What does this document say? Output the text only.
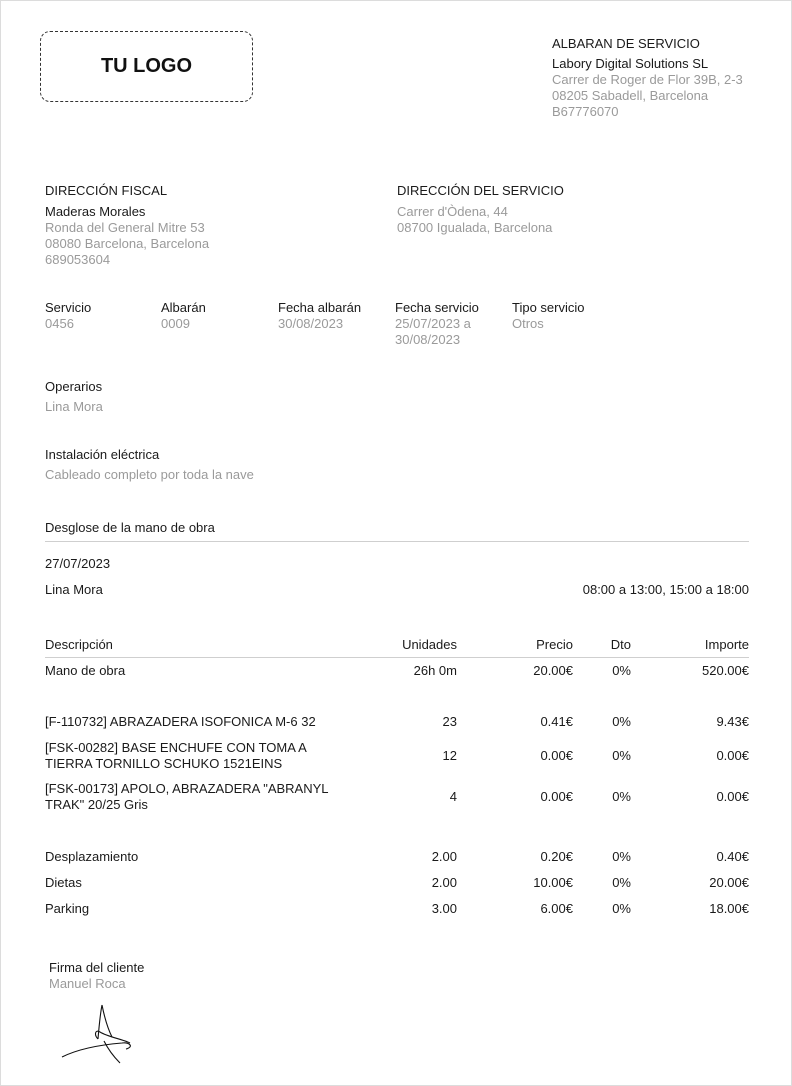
TU LOGO
ALBARAN DE SERVICIO
Labory Digital Solutions SL
Carrer de Roger de Flor 39B, 2-3
08205 Sabadell, Barcelona
B67776070
DIRECCIÓN FISCAL
Maderas Morales
Ronda del General Mitre 53
08080 Barcelona, Barcelona
689053604
DIRECCIÓN DEL SERVICIO
Carrer d'Òdena, 44
08700 Igualada, Barcelona
Servicio
0456
Albarán
0009
Fecha albarán
30/08/2023
Fecha servicio
25/07/2023 a
30/08/2023
Tipo servicio
Otros
Operarios
Lina Mora
Instalación eléctrica
Cableado completo por toda la nave
Desglose de la mano de obra
27/07/2023
Lina Mora	08:00 a 13:00, 15:00 a 18:00
Descripción	Unidades	Precio	Dto	Importe
Mano de obra	26h 0m	20.00€	0%	520.00€
[F-110732] ABRAZADERA ISOFONICA M-6 32	23	0.41€	0%	9.43€
[FSK-00282] BASE ENCHUFE CON TOMA A
TIERRA TORNILLO SCHUKO 1521EINS
12	0.00€	0%	0.00€
[FSK-00173] APOLO, ABRAZADERA "ABRANYL
TRAK" 20/25 Gris
4	0.00€	0%	0.00€
Desplazamiento	2.00	0.20€	0%	0.40€
Dietas	2.00	10.00€	0%	20.00€
Parking	3.00	6.00€	0%	18.00€
Firma del cliente
Manuel Roca
